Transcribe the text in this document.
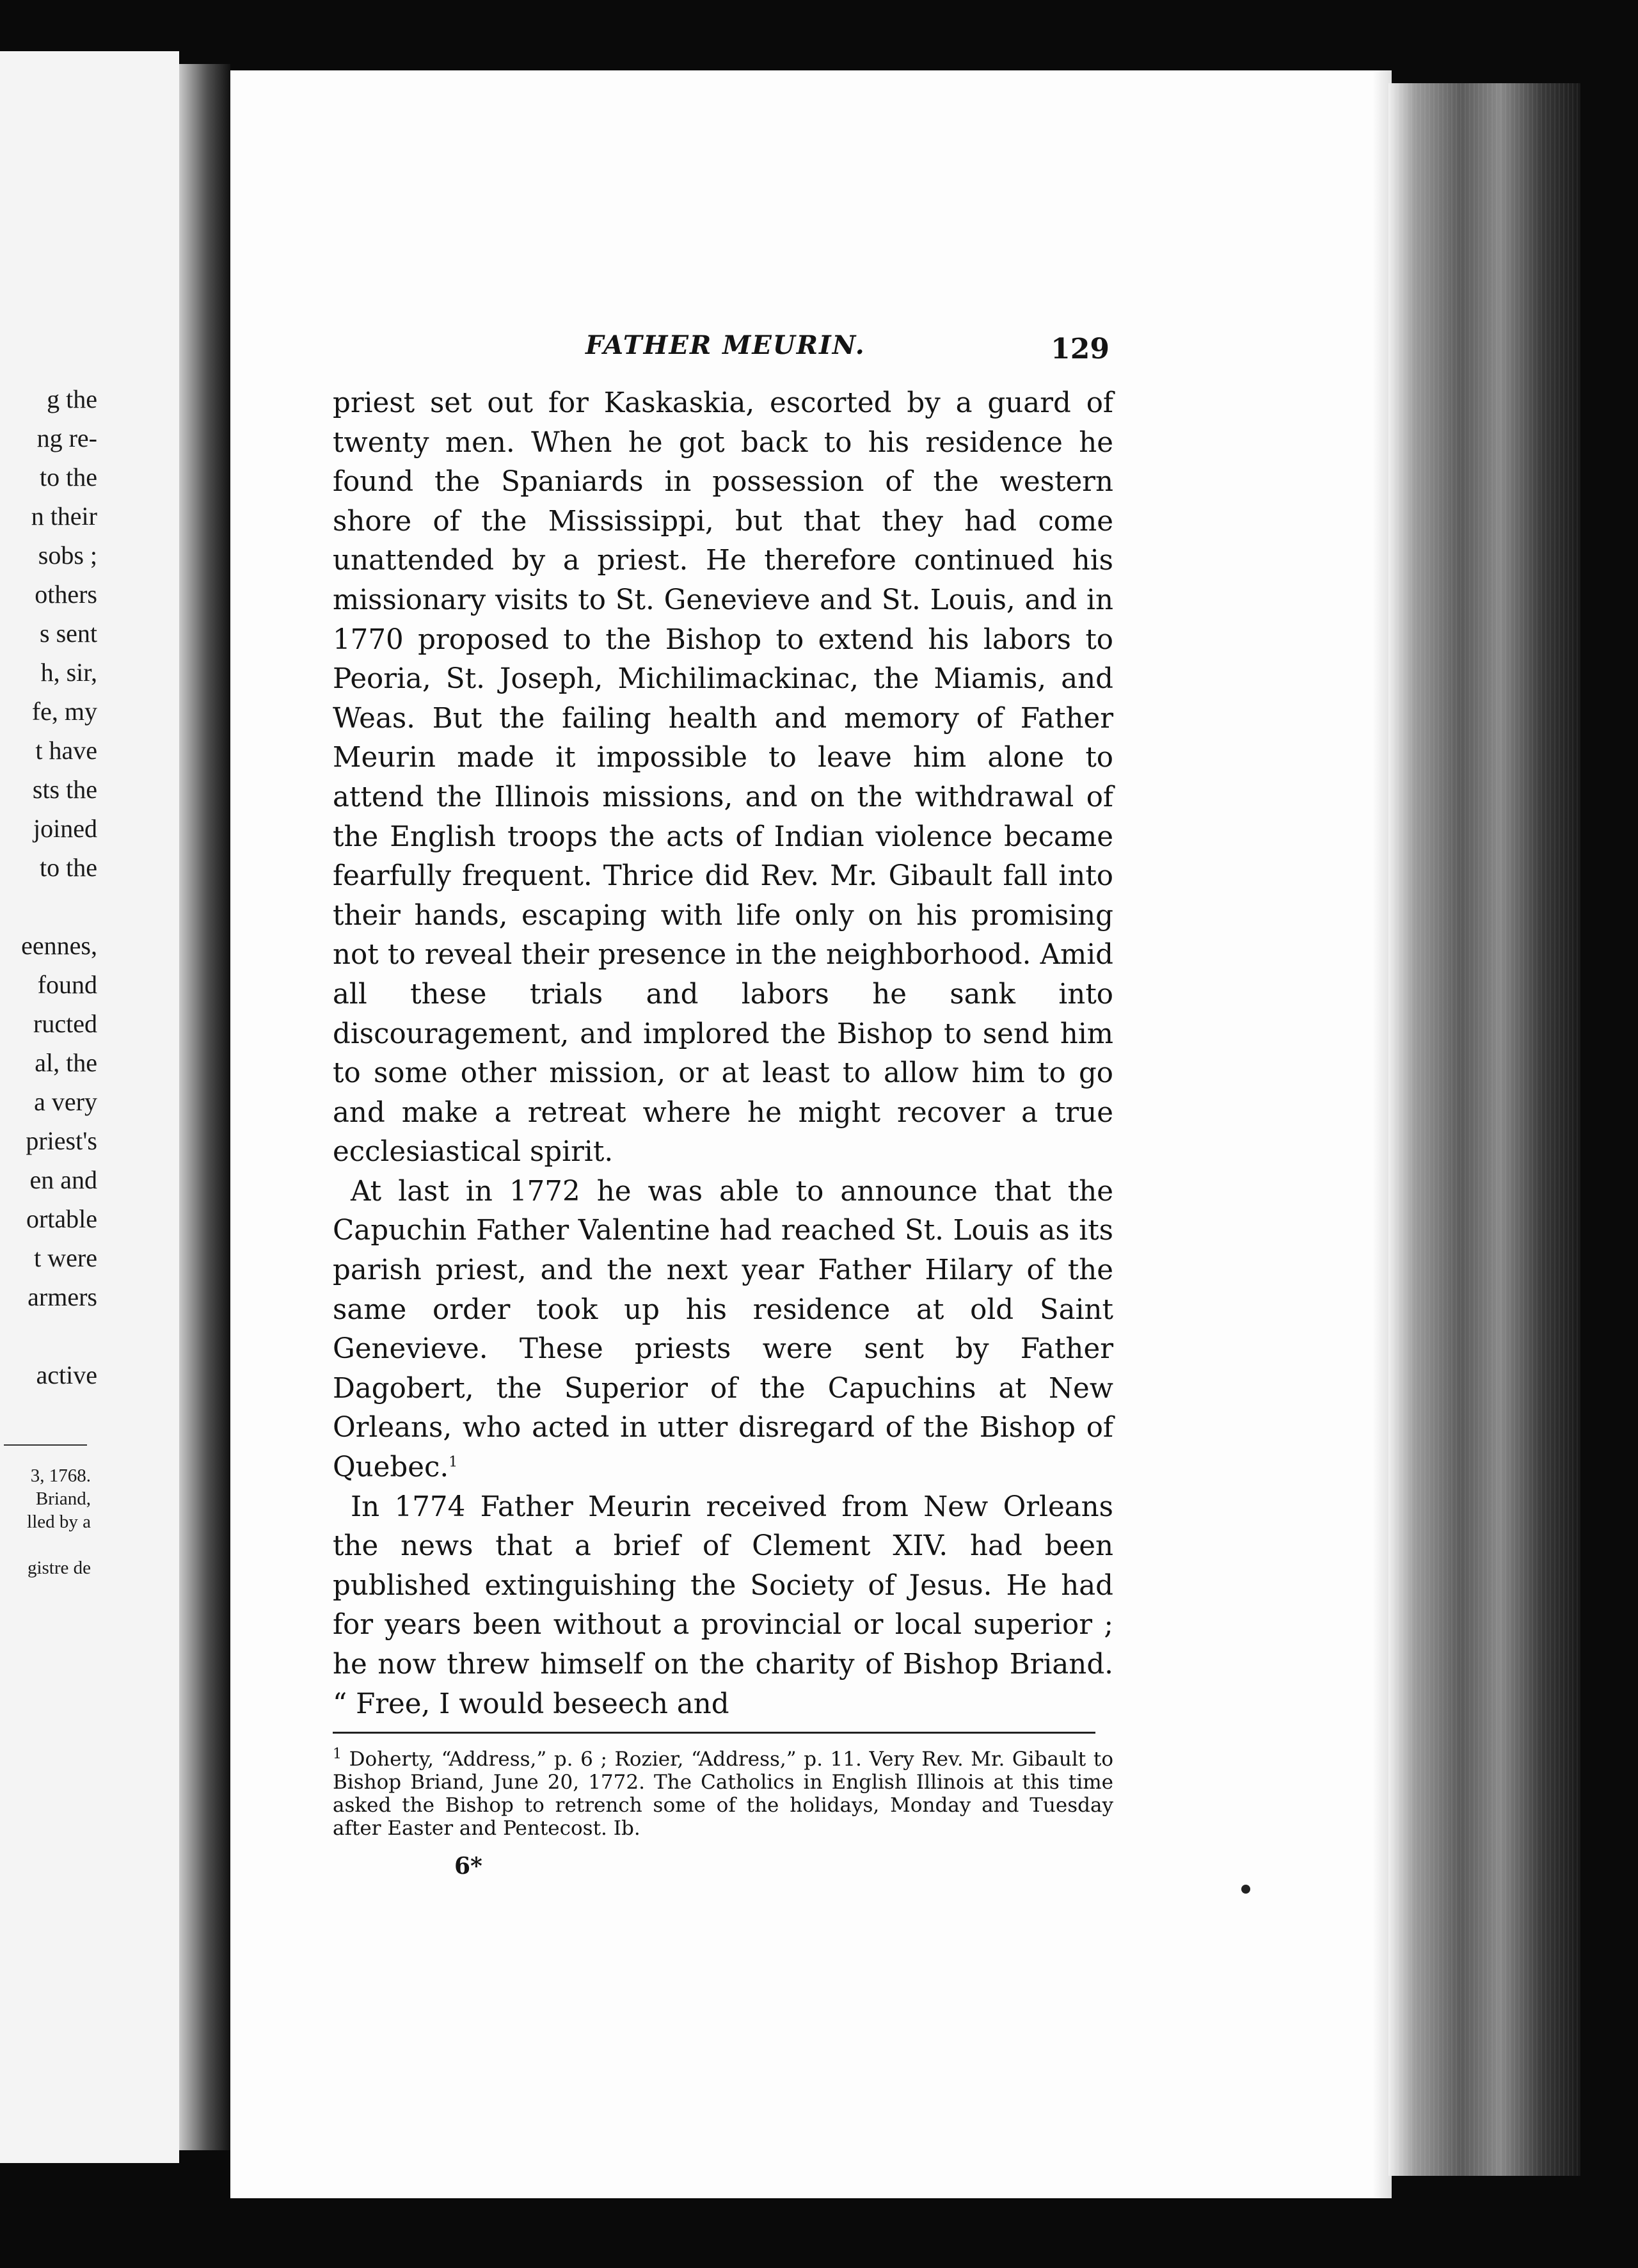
g the
ng re-
to the
n their
sobs ;
others
s sent
h, sir,
fe, my
t have
sts the
joined
to the
eennes,
found
ructed
al, the
a very
priest's
en and
ortable
t were
armers
active
3, 1768.
Briand,
lled by a
gistre de
FATHER MEURIN.	129

priest set out for Kaskaskia, escorted by a guard of twenty men. When he got back to his residence he found the Spaniards in possession of the western shore of the Mississippi, but that they had come unattended by a priest. He therefore continued his missionary visits to St. Genevieve and St. Louis, and in 1770 proposed to the Bishop to extend his labors to Peoria, St. Joseph, Michilimackinac, the Miamis, and Weas. But the failing health and memory of Father Meurin made it impossible to leave him alone to attend the Illinois missions, and on the withdrawal of the English troops the acts of Indian violence became fearfully frequent. Thrice did Rev. Mr. Gibault fall into their hands, escaping with life only on his promising not to reveal their presence in the neighborhood. Amid all these trials and labors he sank into discouragement, and implored the Bishop to send him to some other mission, or at least to allow him to go and make a retreat where he might recover a true ecclesiastical spirit.

At last in 1772 he was able to announce that the Capuchin Father Valentine had reached St. Louis as its parish priest, and the next year Father Hilary of the same order took up his residence at old Saint Genevieve. These priests were sent by Father Dagobert, the Superior of the Capuchins at New Orleans, who acted in utter disregard of the Bishop of Quebec.$^1$

In 1774 Father Meurin received from New Orleans the news that a brief of Clement XIV. had been published extinguishing the Society of Jesus. He had for years been without a provincial or local superior ; he now threw himself on the charity of Bishop Briand. “ Free, I would beseech and

$^1$ Doherty, “Address,” p. 6 ; Rozier, “Address,” p. 11. Very Rev. Mr. Gibault to Bishop Briand, June 20, 1772. The Catholics in English Illinois at this time asked the Bishop to retrench some of the holidays, Monday and Tuesday after Easter and Pentecost. Ib.

6*
